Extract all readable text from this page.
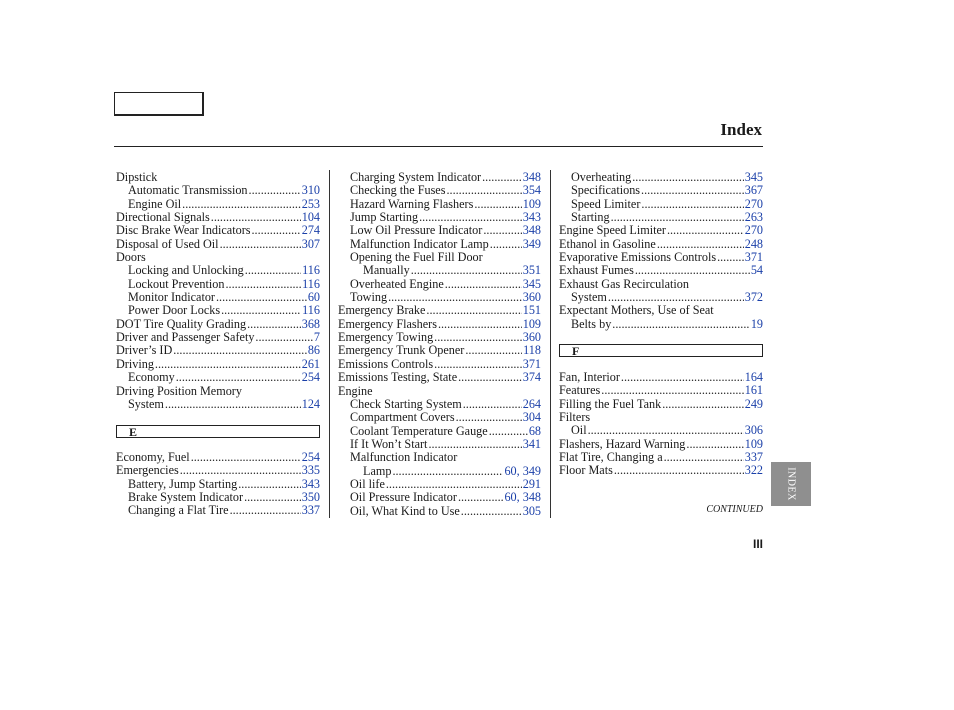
Index
Dipstick
Automatic Transmission .....	310
Engine Oil .....	253
Directional Signals .....	104
Disc Brake Wear Indicators .....	274
Disposal of Used Oil .....	307
Doors
Locking and Unlocking .....	116
Lockout Prevention .....	116
Monitor Indicator .....	60
Power Door Locks .....	116
DOT Tire Quality Grading .....	368
Driver and Passenger Safety .....	7
Driver’s ID .....	86
Driving .....	261
Economy .....	254
Driving Position Memory
System .....	124
E
Economy, Fuel .....	254
Emergencies .....	335
Battery, Jump Starting .....	343
Brake System Indicator .....	350
Changing a Flat Tire .....	337
Charging System Indicator .....	348
Checking the Fuses .....	354
Hazard Warning Flashers .....	109
Jump Starting .....	343
Low Oil Pressure Indicator .....	348
Malfunction Indicator Lamp .....	349
Opening the Fuel Fill Door
Manually .....	351
Overheated Engine .....	345
Towing .....	360
Emergency Brake .....	151
Emergency Flashers .....	109
Emergency Towing .....	360
Emergency Trunk Opener .....	118
Emissions Controls .....	371
Emissions Testing, State .....	374
Engine
Check Starting System .....	264
Compartment Covers .....	304
Coolant Temperature Gauge .....	68
If It Won’t Start .....	341
Malfunction Indicator
Lamp .....	60, 349
Oil life .....	291
Oil Pressure Indicator .....	60, 348
Oil, What Kind to Use .....	305
Overheating .....	345
Specifications .....	367
Speed Limiter .....	270
Starting .....	263
Engine Speed Limiter .....	270
Ethanol in Gasoline .....	248
Evaporative Emissions Controls ..... 371
Exhaust Fumes .....	54
Exhaust Gas Recirculation
System .....	372
Expectant Mothers, Use of Seat
Belts by .....	19
F
Fan, Interior .....	164
Features .....	161
Filling the Fuel Tank .....	249
Filters
Oil .....	306
Flashers, Hazard Warning .....	109
Flat Tire, Changing a .....	337
Floor Mats .....	322 INDEX
CONTINUED
III
